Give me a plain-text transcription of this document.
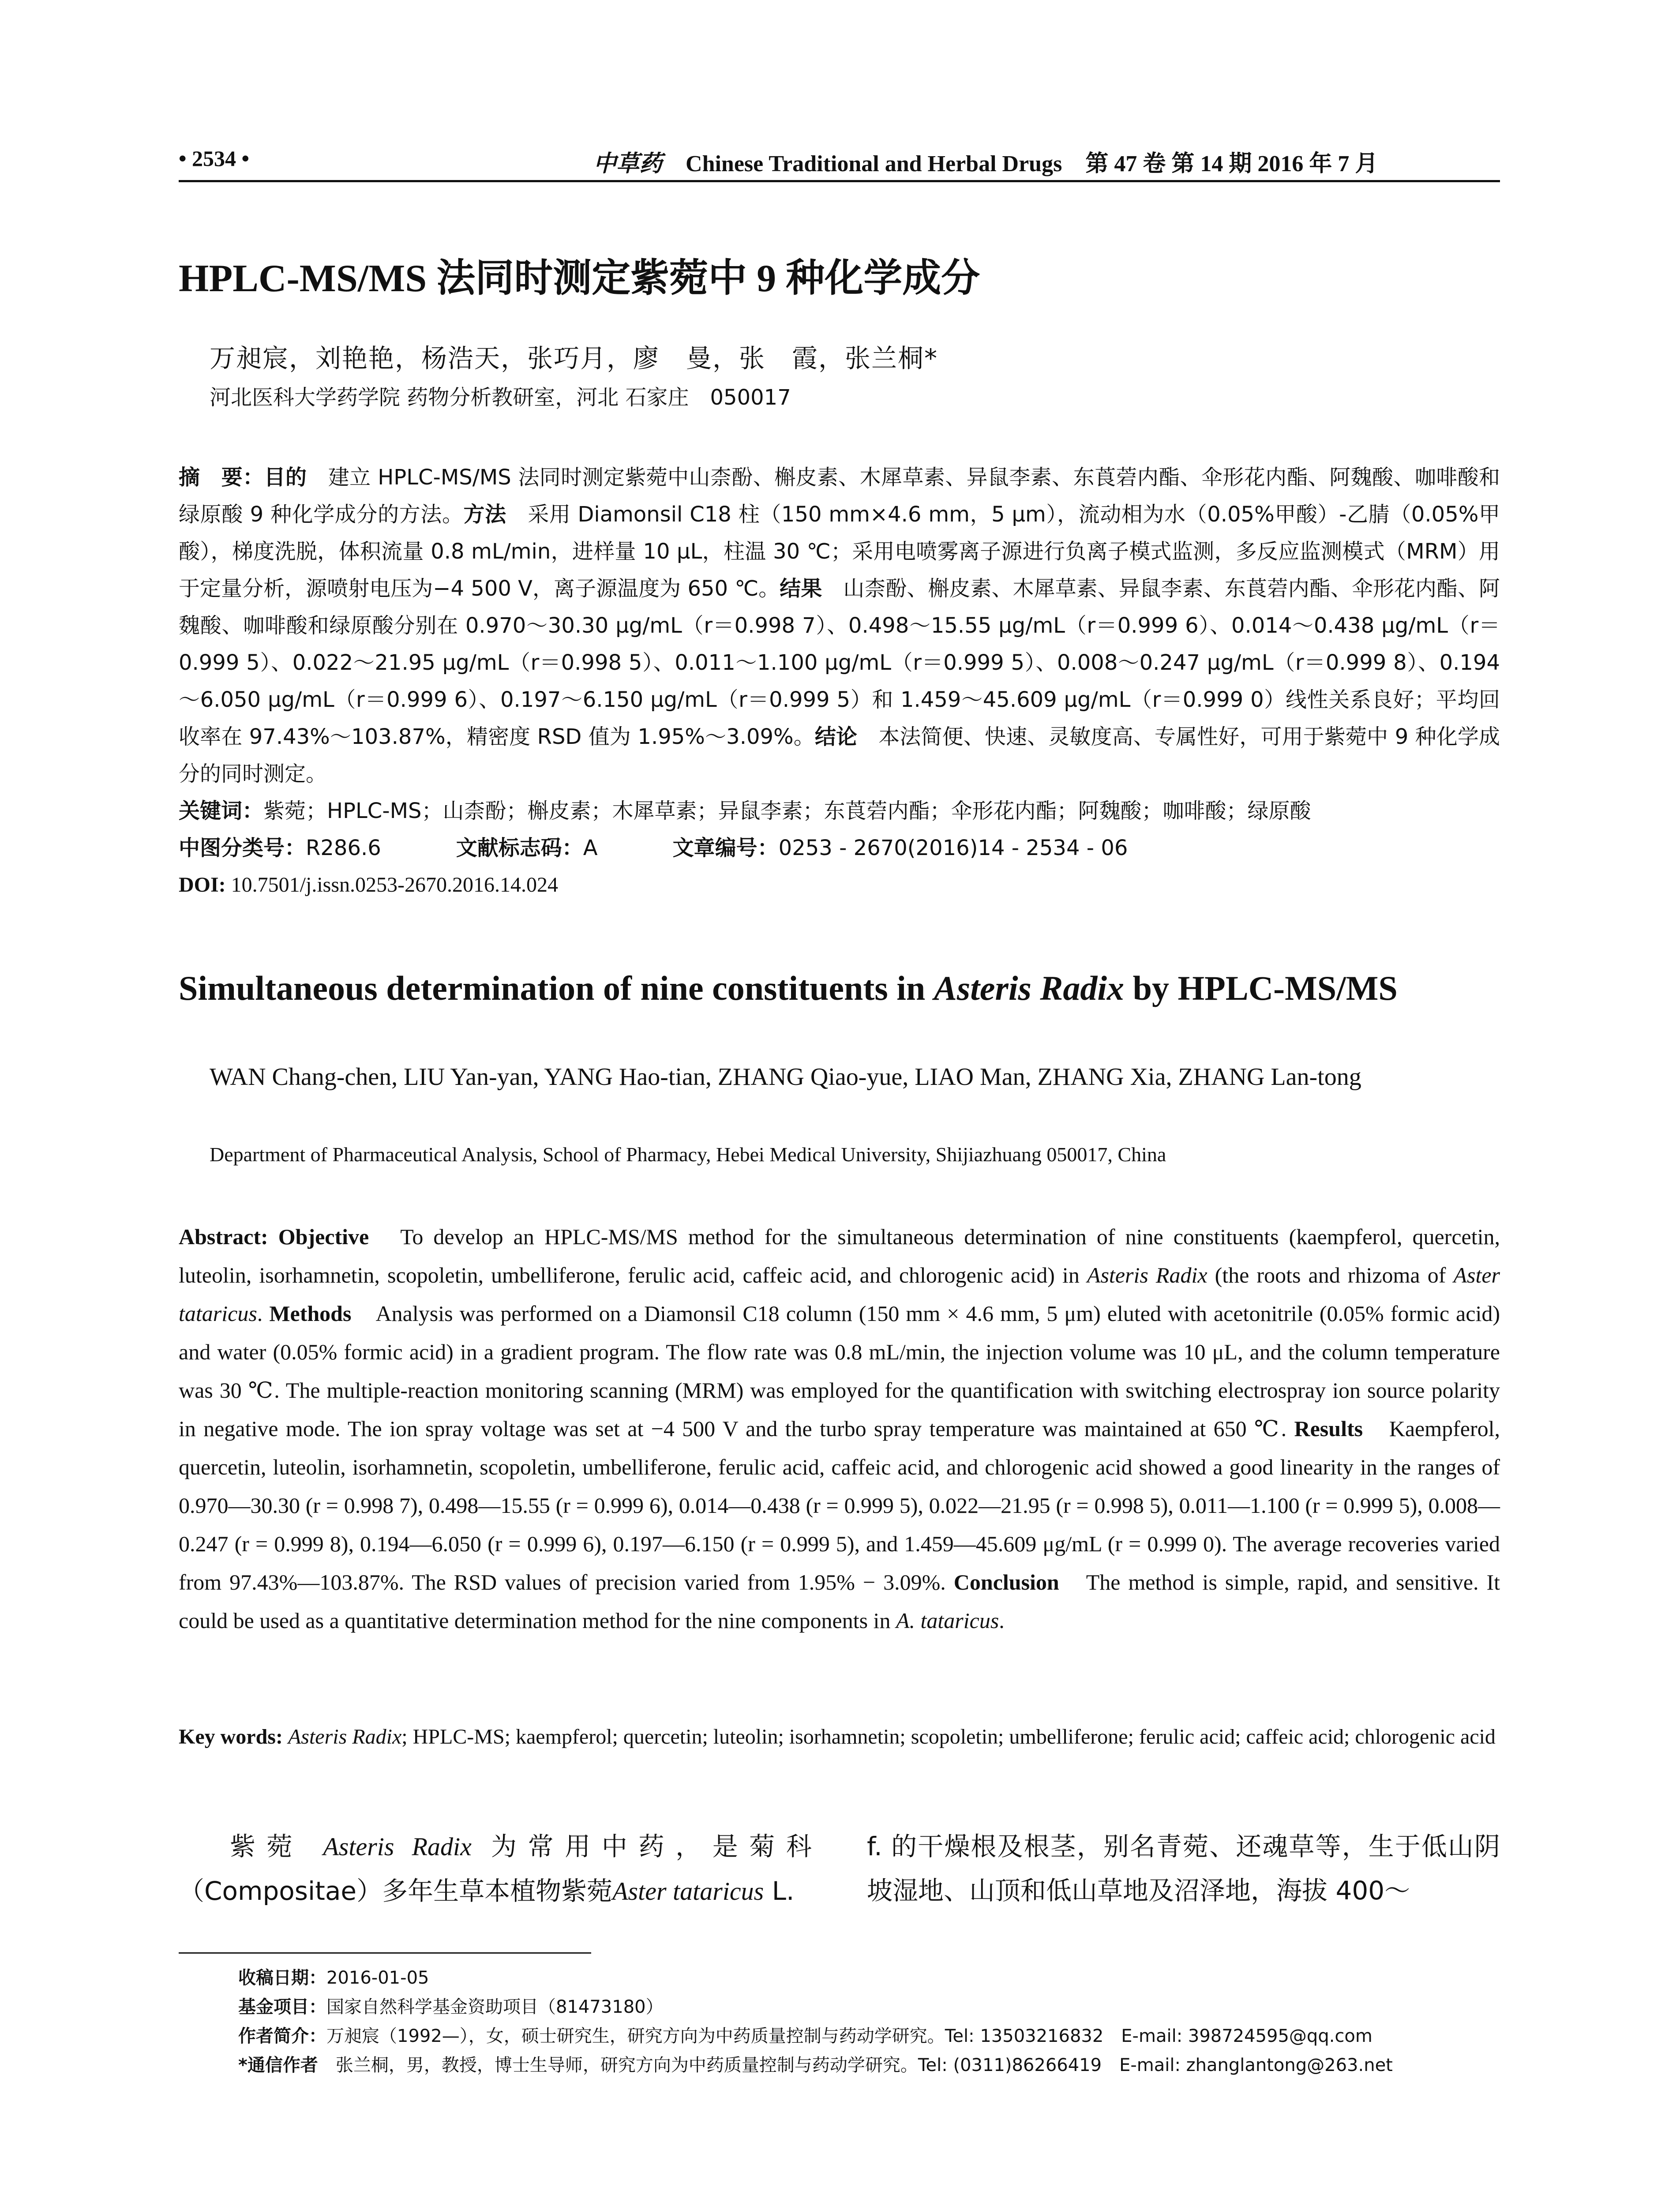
• 2534 •	中草药 Chinese Traditional and Herbal Drugs 第 47 卷 第 14 期 2016 年 7 月
HPLC-MS/MS 法同时测定紫菀中 9 种化学成分
万昶宸，刘艳艳，杨浩天，张巧月，廖　曼，张　霞，张兰桐*
河北医科大学药学院 药物分析教研室，河北 石家庄　050017
摘　要：目的　建立 HPLC-MS/MS 法同时测定紫菀中山柰酚、槲皮素、木犀草素、异鼠李素、东莨菪内酯、伞形花内酯、阿魏酸、咖啡酸和绿原酸 9 种化学成分的方法。方法　采用 Diamonsil C18 柱（150 mm×4.6 mm，5 μm），流动相为水（0.05%甲酸）-乙腈（0.05%甲酸），梯度洗脱，体积流量 0.8 mL/min，进样量 10 μL，柱温 30 ℃；采用电喷雾离子源进行负离子模式监测，多反应监测模式（MRM）用于定量分析，源喷射电压为−4 500 V，离子源温度为 650 ℃。结果　山柰酚、槲皮素、木犀草素、异鼠李素、东莨菪内酯、伞形花内酯、阿魏酸、咖啡酸和绿原酸分别在 0.970～30.30 μg/mL（r＝0.998 7）、0.498～15.55 μg/mL（r＝0.999 6）、0.014～0.438 μg/mL（r＝0.999 5）、0.022～21.95 μg/mL（r＝0.998 5）、0.011～1.100 μg/mL（r＝0.999 5）、0.008～0.247 μg/mL（r＝0.999 8）、0.194～6.050 μg/mL（r＝0.999 6）、0.197～6.150 μg/mL（r＝0.999 5）和 1.459～45.609 μg/mL（r＝0.999 0）线性关系良好；平均回收率在 97.43%～103.87%，精密度 RSD 值为 1.95%～3.09%。结论　本法简便、快速、灵敏度高、专属性好，可用于紫菀中 9 种化学成分的同时测定。
关键词：紫菀；HPLC-MS；山柰酚；槲皮素；木犀草素；异鼠李素；东莨菪内酯；伞形花内酯；阿魏酸；咖啡酸；绿原酸
中图分类号：R286.6	文献标志码：A	文章编号：0253 - 2670(2016)14 - 2534 - 06
DOI: 10.7501/j.issn.0253-2670.2016.14.024
Simultaneous determination of nine constituents in Asteris Radix by HPLC-MS/MS
WAN Chang-chen, LIU Yan-yan, YANG Hao-tian, ZHANG Qiao-yue, LIAO Man, ZHANG Xia, ZHANG Lan-tong
Department of Pharmaceutical Analysis, School of Pharmacy, Hebei Medical University, Shijiazhuang 050017, China
Abstract: Objective　To develop an HPLC-MS/MS method for the simultaneous determination of nine constituents (kaempferol, quercetin, luteolin, isorhamnetin, scopoletin, umbelliferone, ferulic acid, caffeic acid, and chlorogenic acid) in Asteris Radix (the roots and rhizoma of Aster tataricus. Methods　Analysis was performed on a Diamonsil C18 column (150 mm × 4.6 mm, 5 μm) eluted with acetonitrile (0.05% formic acid) and water (0.05% formic acid) in a gradient program. The flow rate was 0.8 mL/min, the injection volume was 10 μL, and the column temperature was 30 ℃. The multiple-reaction monitoring scanning (MRM) was employed for the quantification with switching electrospray ion source polarity in negative mode. The ion spray voltage was set at −4 500 V and the turbo spray temperature was maintained at 650 ℃. Results　Kaempferol, quercetin, luteolin, isorhamnetin, scopoletin, umbelliferone, ferulic acid, caffeic acid, and chlorogenic acid showed a good linearity in the ranges of 0.970—30.30 (r = 0.998 7), 0.498—15.55 (r = 0.999 6), 0.014—0.438 (r = 0.999 5), 0.022—21.95 (r = 0.998 5), 0.011—1.100 (r = 0.999 5), 0.008—0.247 (r = 0.999 8), 0.194—6.050 (r = 0.999 6), 0.197—6.150 (r = 0.999 5), and 1.459—45.609 μg/mL (r = 0.999 0). The average recoveries varied from 97.43%—103.87%. The RSD values of precision varied from 1.95% − 3.09%. Conclusion　The method is simple, rapid, and sensitive. It could be used as a quantitative determination method for the nine components in A. tataricus.
Key words: Asteris Radix; HPLC-MS; kaempferol; quercetin; luteolin; isorhamnetin; scopoletin; umbelliferone; ferulic acid; caffeic acid; chlorogenic acid
紫菀 Asteris Radix 为常用中药，是菊科（Compositae）多年生草本植物紫菀Aster tataricus L.
f. 的干燥根及根茎，别名青菀、还魂草等，生于低山阴坡湿地、山顶和低山草地及沼泽地，海拔 400～
收稿日期：2016-01-05
基金项目：国家自然科学基金资助项目（81473180）
作者简介：万昶宸（1992—），女，硕士研究生，研究方向为中药质量控制与药动学研究。Tel: 13503216832　E-mail: 398724595@qq.com
*通信作者　张兰桐，男，教授，博士生导师，研究方向为中药质量控制与药动学研究。Tel: (0311)86266419　E-mail: zhanglantong@263.net
